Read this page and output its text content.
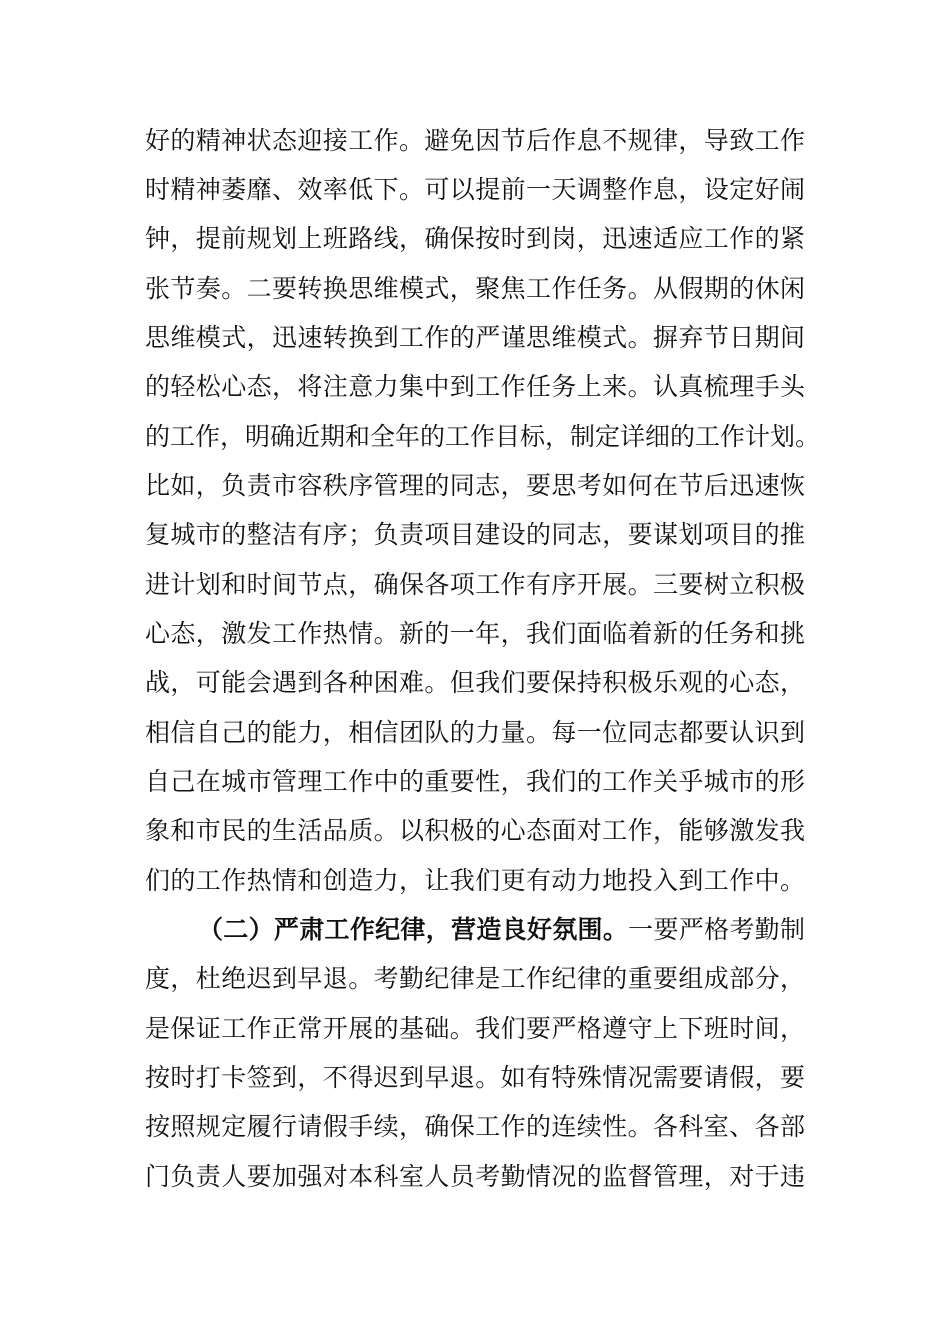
好的精神状态迎接工作。避免因节后作息不规律，导致工作
时精神萎靡、效率低下。可以提前一天调整作息，设定好闹
钟，提前规划上班路线，确保按时到岗，迅速适应工作的紧
张节奏。二要转换思维模式，聚焦工作任务。从假期的休闲
思维模式，迅速转换到工作的严谨思维模式。摒弃节日期间
的轻松心态，将注意力集中到工作任务上来。认真梳理手头
的工作，明确近期和全年的工作目标，制定详细的工作计划。
比如，负责市容秩序管理的同志，要思考如何在节后迅速恢
复城市的整洁有序；负责项目建设的同志，要谋划项目的推
进计划和时间节点，确保各项工作有序开展。三要树立积极
心态，激发工作热情。新的一年，我们面临着新的任务和挑
战，可能会遇到各种困难。但我们要保持积极乐观的心态，
相信自己的能力，相信团队的力量。每一位同志都要认识到
自己在城市管理工作中的重要性，我们的工作关乎城市的形
象和市民的生活品质。以积极的心态面对工作，能够激发我
们的工作热情和创造力，让我们更有动力地投入到工作中。
（二）严肃工作纪律，营造良好氛围。一要严格考勤制
度，杜绝迟到早退。考勤纪律是工作纪律的重要组成部分，
是保证工作正常开展的基础。我们要严格遵守上下班时间，
按时打卡签到，不得迟到早退。如有特殊情况需要请假，要
按照规定履行请假手续，确保工作的连续性。各科室、各部
门负责人要加强对本科室人员考勤情况的监督管理，对于违
